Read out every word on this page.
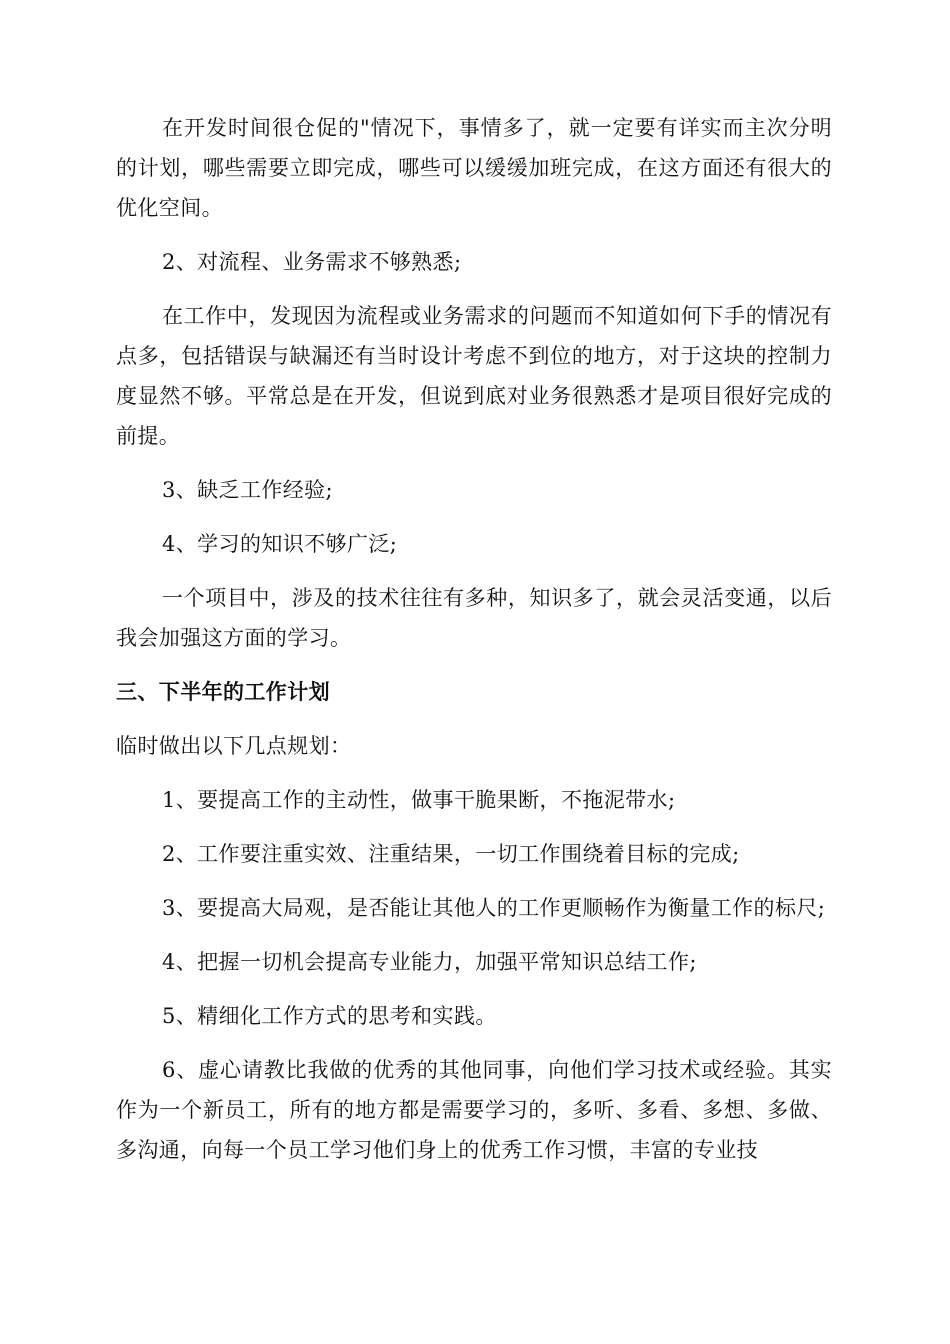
在开发时间很仓促的"情况下，事情多了，就一定要有详实而主次分明的计划，哪些需要立即完成，哪些可以缓缓加班完成，在这方面还有很大的优化空间。

2、对流程、业务需求不够熟悉;

在工作中，发现因为流程或业务需求的问题而不知道如何下手的情况有点多，包括错误与缺漏还有当时设计考虑不到位的地方，对于这块的控制力度显然不够。平常总是在开发，但说到底对业务很熟悉才是项目很好完成的前提。

3、缺乏工作经验;

4、学习的知识不够广泛;

一个项目中，涉及的技术往往有多种，知识多了，就会灵活变通，以后我会加强这方面的学习。

三、下半年的工作计划

临时做出以下几点规划：

1、要提高工作的主动性，做事干脆果断，不拖泥带水;

2、工作要注重实效、注重结果，一切工作围绕着目标的完成;

3、要提高大局观，是否能让其他人的工作更顺畅作为衡量工作的标尺;

4、把握一切机会提高专业能力，加强平常知识总结工作;

5、精细化工作方式的思考和实践。

6、虚心请教比我做的优秀的其他同事，向他们学习技术或经验。其实作为一个新员工，所有的地方都是需要学习的，多听、多看、多想、多做、多沟通，向每一个员工学习他们身上的优秀工作习惯，丰富的专业技
